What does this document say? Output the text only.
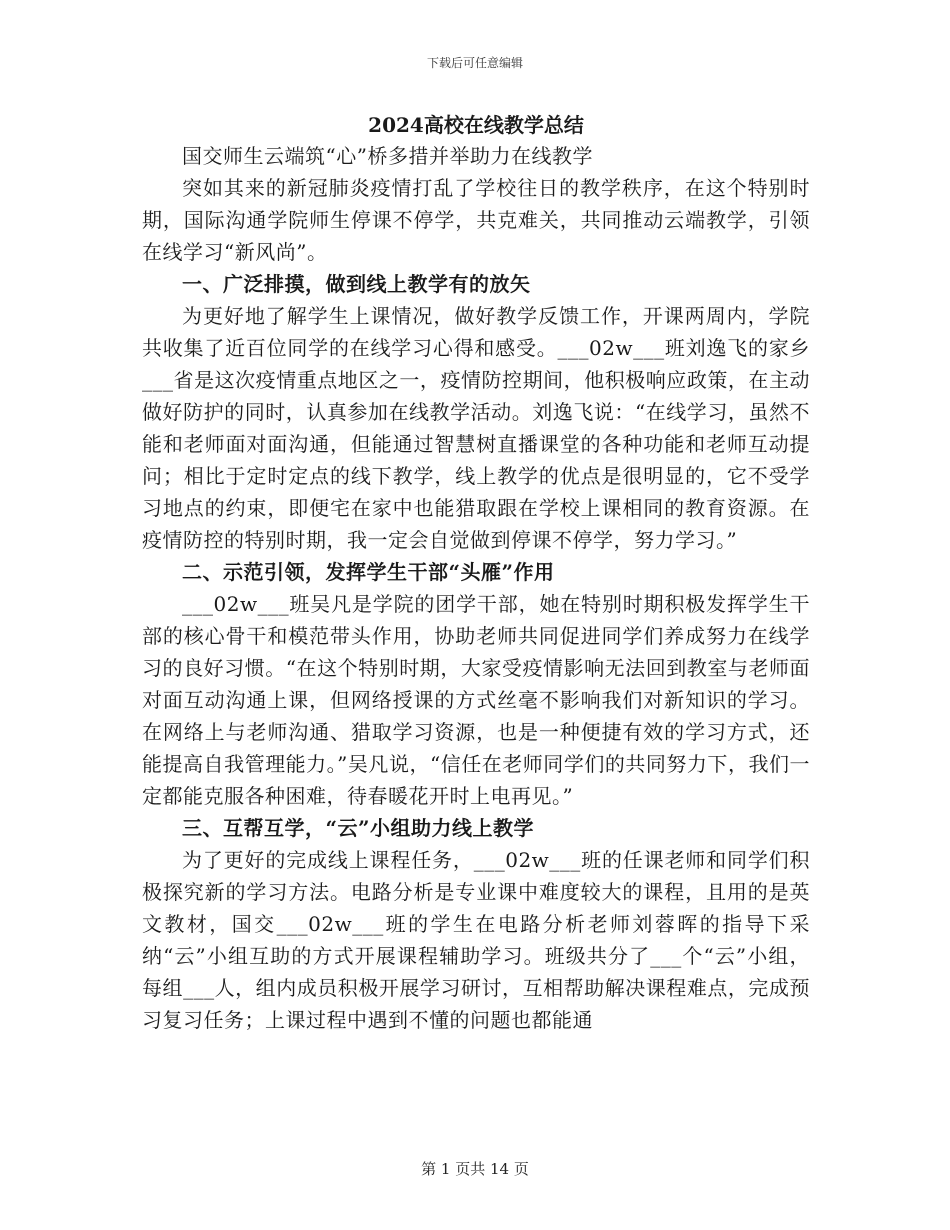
下载后可任意编辑
2024高校在线教学总结

国交师生云端筑“心”桥多措并举助力在线教学

突如其来的新冠肺炎疫情打乱了学校往日的教学秩序，在这个特别时期，国际沟通学院师生停课不停学，共克难关，共同推动云端教学，引领在线学习“新风尚”。

一、广泛排摸，做到线上教学有的放矢

为更好地了解学生上课情况，做好教学反馈工作，开课两周内，学院共收集了近百位同学的在线学习心得和感受。___02w___班刘逸飞的家乡___省是这次疫情重点地区之一，疫情防控期间，他积极响应政策，在主动做好防护的同时，认真参加在线教学活动。刘逸飞说：“在线学习，虽然不能和老师面对面沟通，但能通过智慧树直播课堂的各种功能和老师互动提问；相比于定时定点的线下教学，线上教学的优点是很明显的，它不受学习地点的约束，即便宅在家中也能猎取跟在学校上课相同的教育资源。在疫情防控的特别时期，我一定会自觉做到停课不停学，努力学习。”

二、示范引领，发挥学生干部“头雁”作用

___02w___班吴凡是学院的团学干部，她在特别时期积极发挥学生干部的核心骨干和模范带头作用，协助老师共同促进同学们养成努力在线学习的良好习惯。“在这个特别时期，大家受疫情影响无法回到教室与老师面对面互动沟通上课，但网络授课的方式丝毫不影响我们对新知识的学习。在网络上与老师沟通、猎取学习资源，也是一种便捷有效的学习方式，还能提高自我管理能力。”吴凡说，“信任在老师同学们的共同努力下，我们一定都能克服各种困难，待春暖花开时上电再见。”

三、互帮互学，“云”小组助力线上教学

为了更好的完成线上课程任务，___02w___班的任课老师和同学们积极探究新的学习方法。电路分析是专业课中难度较大的课程，且用的是英文教材，国交___02w___班的学生在电路分析老师刘蓉晖的指导下采纳“云”小组互助的方式开展课程辅助学习。班级共分了___个“云”小组，每组___人，组内成员积极开展学习研讨，互相帮助解决课程难点，完成预习复习任务；上课过程中遇到不懂的问题也都能通

第 1 页共 14 页
